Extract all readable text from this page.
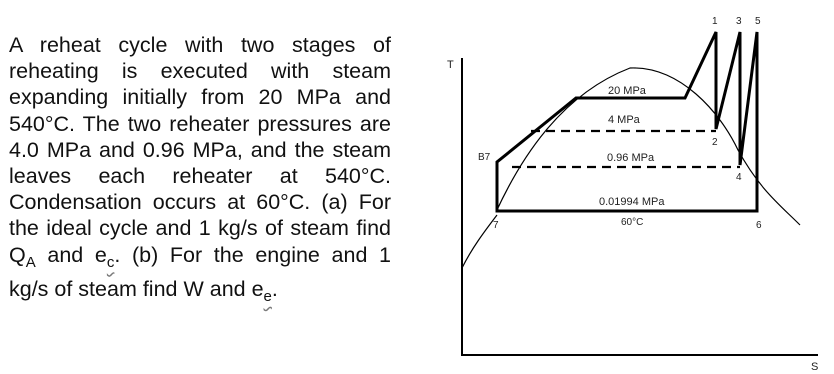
A reheat cycle with two stages of reheating is executed with steam expanding initially from 20 MPa and 540°C. The two reheater pressures are 4.0 MPa and 0.96 MPa, and the steam leaves each reheater at 540°C. Condensation occurs at 60°C. (a) For the ideal cycle and 1 kg/s of steam find $Q_A$ and $e_c$. (b) For the engine and 1 kg/s of steam find W and $e_e$.
T
S
20 MPa
4 MPa
0.96 MPa
0.01994 MPa
60°C
1 3 5
2
4
6
7
B7
